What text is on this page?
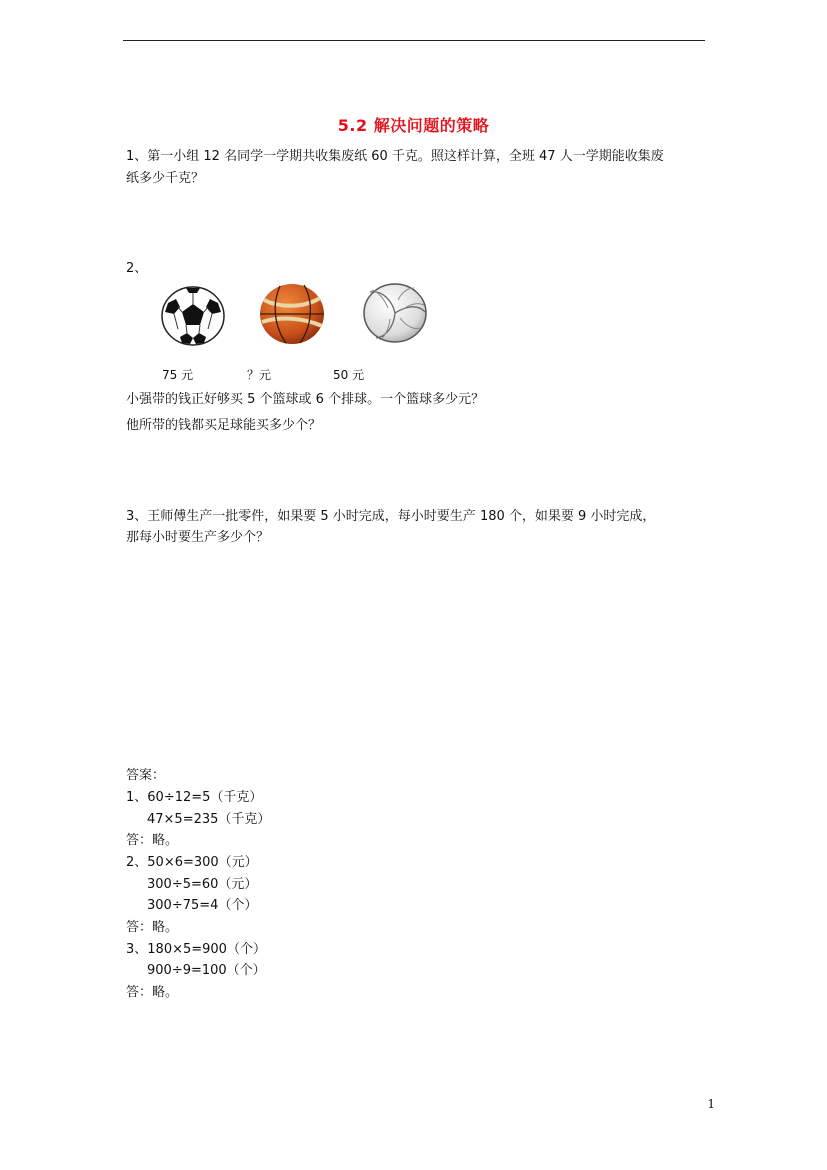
5.2 解决问题的策略
1、第一小组 12 名同学一学期共收集废纸 60 千克。照这样计算，全班 47 人一学期能收集废
纸多少千克？
2、
75 元	？元	50 元
小强带的钱正好够买 5 个篮球或 6 个排球。一个篮球多少元？
他所带的钱都买足球能买多少个？
3、王师傅生产一批零件，如果要 5 小时完成，每小时要生产 180 个，如果要 9 小时完成，
那每小时要生产多少个？
答案：
1、60÷12=5（千克）
47×5=235（千克）
答：略。
2、50×6=300（元）
300÷5=60（元）
300÷75=4（个）
答：略。
3、180×5=900（个）
900÷9=100（个）
答：略。
1
